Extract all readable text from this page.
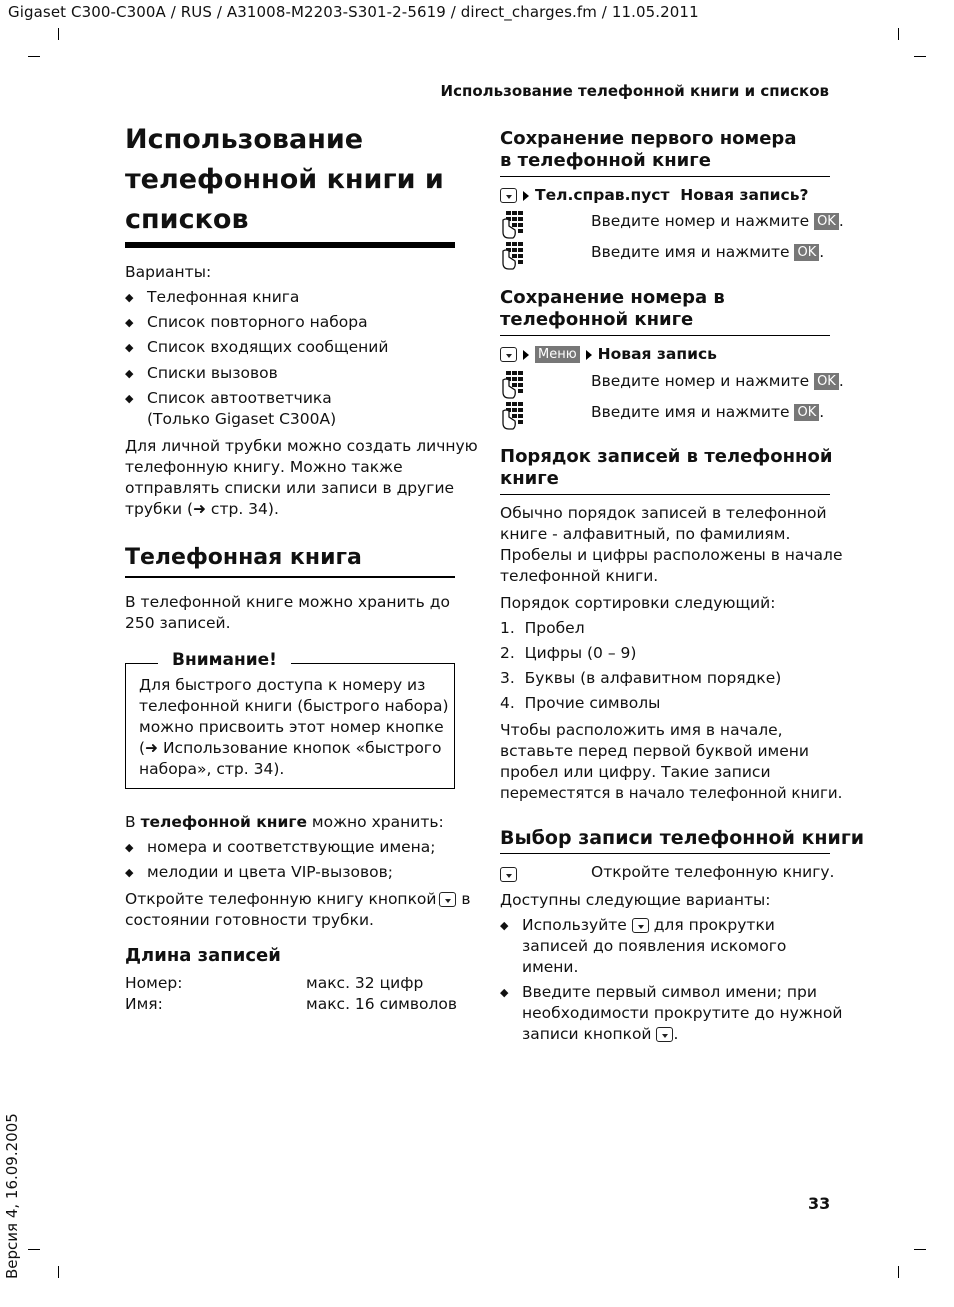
Gigaset C300-C300A / RUS / A31008-M2203-S301-2-5619 / direct_charges.fm / 11.05.2011
Использование телефонной книги и списков
Версия 4, 16.09.2005	33
Использование
телефонной книги и
списков
Варианты:
◆ Телефонная книга
◆ Список повторного набора
◆ Список входящих сообщений
◆ Списки вызовов
◆ Список автоответчика
(Только Gigaset C300A)
Для личной трубки можно создать личную
телефонную книгу. Можно также
отправлять списки или записи в другие
трубки (➜ стр. 34).
Телефонная книга
В телефонной книге можно хранить до
250 записей.
Внимание!
Для быстрого доступа к номеру из
телефонной книги (быстрого набора)
можно присвоить этот номер кнопке
(➜ Использование кнопок «быстрого
набора», стр. 34).
В телефонной книге можно хранить:
◆ номера и соответствующие имена;
◆ мелодии и цвета VIP-вызовов;
Откройте телефонную книгу кнопкой в
состоянии готовности трубки.
Длина записей
Номер:	макс. 32 цифр
Имя:	макс. 16 символов
Сохранение первого номера
в телефонной книге
Тел.справ.пуст Новая запись?
Введите номер и нажмите OK .
Введите имя и нажмите OK .
Сохранение номера в
телефонной книге
Меню Новая запись
Введите номер и нажмите OK .
Введите имя и нажмите OK .
Порядок записей в телефонной
книге
Обычно порядок записей в телефонной
книге - алфавитный, по фамилиям.
Пробелы и цифры расположены в начале
телефонной книги.
Порядок сортировки следующий:
1.  Пробел
2.  Цифры (0 – 9)
3.  Буквы (в алфавитном порядке)
4.  Прочие символы
Чтобы расположить имя в начале,
вставьте перед первой буквой имени
пробел или цифру. Такие записи
переместятся в начало телефонной книги.
Выбор записи телефонной книги
Откройте телефонную книгу.
Доступны следующие варианты:
◆ Используйте  для прокрутки
записей до появления искомого
имени.
◆ Введите первый символ имени; при
необходимости прокрутите до нужной
записи кнопкой .
